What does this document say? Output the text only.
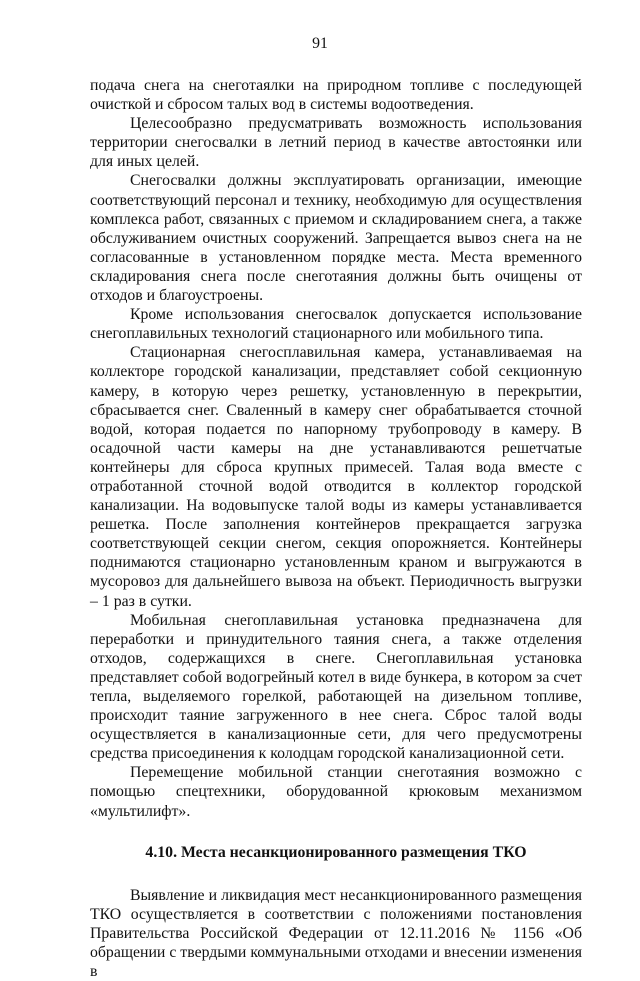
91

подача снега на снеготаялки на природном топливе с последующей очисткой и сбросом талых вод в системы водоотведения.

Целесообразно предусматривать возможность использования территории снегосвалки в летний период в качестве автостоянки или для иных целей.

Снегосвалки должны эксплуатировать организации, имеющие соответствующий персонал и технику, необходимую для осуществления комплекса работ, связанных с приемом и складированием снега, а также обслуживанием очистных сооружений. Запрещается вывоз снега на не согласованные в установленном порядке места. Места временного складирования снега после снеготаяния должны быть очищены от отходов и благоустроены.

Кроме использования снегосвалок допускается использование снегоплавильных технологий стационарного или мобильного типа.

Стационарная снегосплавильная камера, устанавливаемая на коллекторе городской канализации, представляет собой секционную камеру, в которую через решетку, установленную в перекрытии, сбрасывается снег. Сваленный в камеру снег обрабатывается сточной водой, которая подается по напорному трубопроводу в камеру. В осадочной части камеры на дне устанавливаются решетчатые контейнеры для сброса крупных примесей. Талая вода вместе с отработанной сточной водой отводится в коллектор городской канализации. На водовыпуске талой воды из камеры устанавливается решетка. После заполнения контейнеров прекращается загрузка соответствующей секции снегом, секция опорожняется. Контейнеры поднимаются стационарно установленным краном и выгружаются в мусоровоз для дальнейшего вывоза на объект. Периодичность выгрузки – 1 раз в сутки.

Мобильная снегоплавильная установка предназначена для переработки и принудительного таяния снега, а также отделения отходов, содержащихся в снеге. Снегоплавильная установка представляет собой водогрейный котел в виде бункера, в котором за счет тепла, выделяемого горелкой, работающей на дизельном топливе, происходит таяние загруженного в нее снега. Сброс талой воды осуществляется в канализационные сети, для чего предусмотрены средства присоединения к колодцам городской канализационной сети.

Перемещение мобильной станции снеготаяния возможно с помощью спецтехники, оборудованной крюковым механизмом «мультилифт».

4.10. Места несанкционированного размещения ТКО

Выявление и ликвидация мест несанкционированного размещения ТКО осуществляется в соответствии с положениями постановления Правительства Российской Федерации от 12.11.2016 № 1156 «Об обращении с твердыми коммунальными отходами и внесении изменения в
